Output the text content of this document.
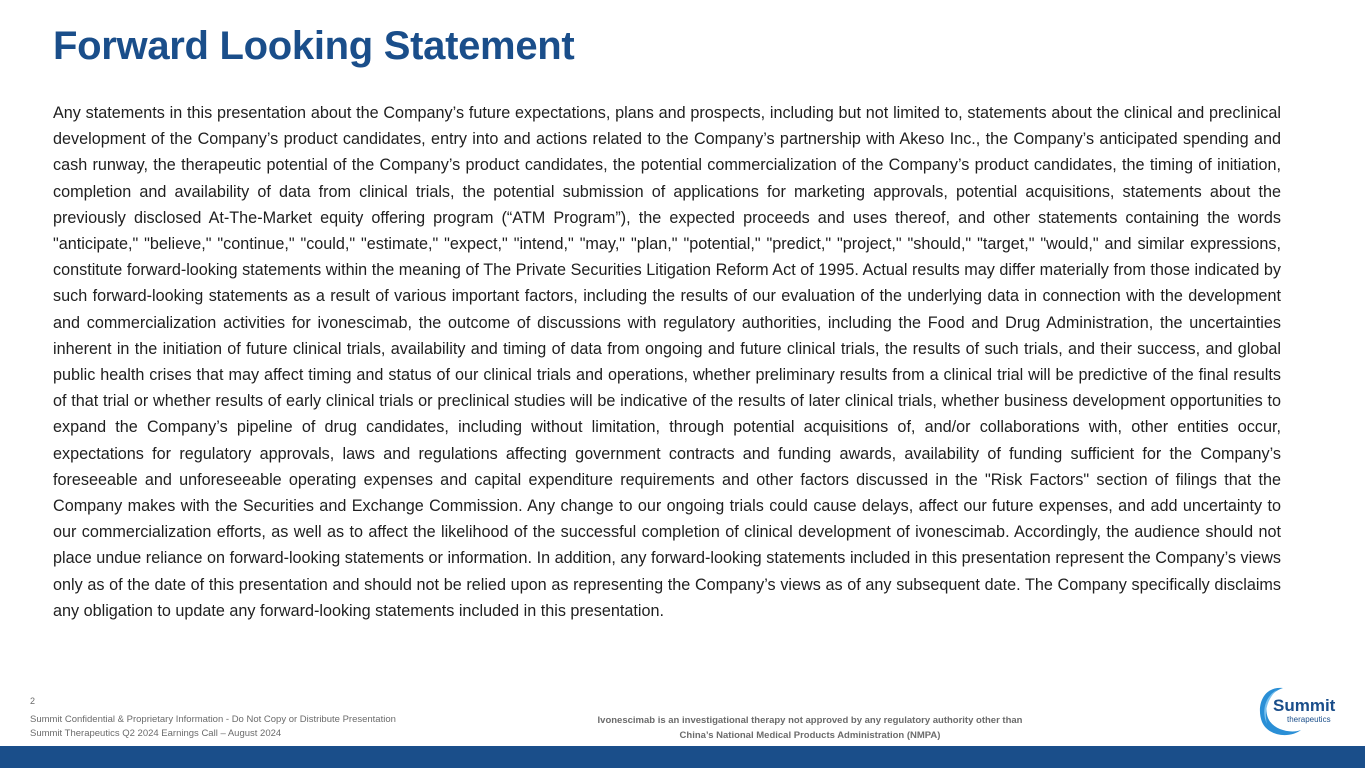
Forward Looking Statement

Any statements in this presentation about the Company’s future expectations, plans and prospects, including but not limited to, statements about the clinical and preclinical development of the Company’s product candidates, entry into and actions related to the Company’s partnership with Akeso Inc., the Company’s anticipated spending and cash runway, the therapeutic potential of the Company’s product candidates, the potential commercialization of the Company’s product candidates, the timing of initiation, completion and availability of data from clinical trials, the potential submission of applications for marketing approvals, potential acquisitions, statements about the previously disclosed At-The-Market equity offering program (“ATM Program”), the expected proceeds and uses thereof, and other statements containing the words "anticipate," "believe," "continue," "could," "estimate," "expect," "intend," "may," "plan," "potential," "predict," "project," "should," "target," "would," and similar expressions, constitute forward-looking statements within the meaning of The Private Securities Litigation Reform Act of 1995. Actual results may differ materially from those indicated by such forward-looking statements as a result of various important factors, including the results of our evaluation of the underlying data in connection with the development and commercialization activities for ivonescimab, the outcome of discussions with regulatory authorities, including the Food and Drug Administration, the uncertainties inherent in the initiation of future clinical trials, availability and timing of data from ongoing and future clinical trials, the results of such trials, and their success, and global public health crises that may affect timing and status of our clinical trials and operations, whether preliminary results from a clinical trial will be predictive of the final results of that trial or whether results of early clinical trials or preclinical studies will be indicative of the results of later clinical trials, whether business development opportunities to expand the Company’s pipeline of drug candidates, including without limitation, through potential acquisitions of, and/or collaborations with, other entities occur, expectations for regulatory approvals, laws and regulations affecting government contracts and funding awards, availability of funding sufficient for the Company’s foreseeable and unforeseeable operating expenses and capital expenditure requirements and other factors discussed in the "Risk Factors" section of filings that the Company makes with the Securities and Exchange Commission. Any change to our ongoing trials could cause delays, affect our future expenses, and add uncertainty to our commercialization efforts, as well as to affect the likelihood of the successful completion of clinical development of ivonescimab. Accordingly, the audience should not place undue reliance on forward-looking statements or information. In addition, any forward-looking statements included in this presentation represent the Company’s views only as of the date of this presentation and should not be relied upon as representing the Company’s views as of any subsequent date. The Company specifically disclaims any obligation to update any forward-looking statements included in this presentation.

2
Summit Confidential & Proprietary Information - Do Not Copy or Distribute Presentation
Summit Therapeutics Q2 2024 Earnings Call – August 2024
Ivonescimab is an investigational therapy not approved by any regulatory authority other than
China’s National Medical Products Administration (NMPA)
Summit
therapeutics
